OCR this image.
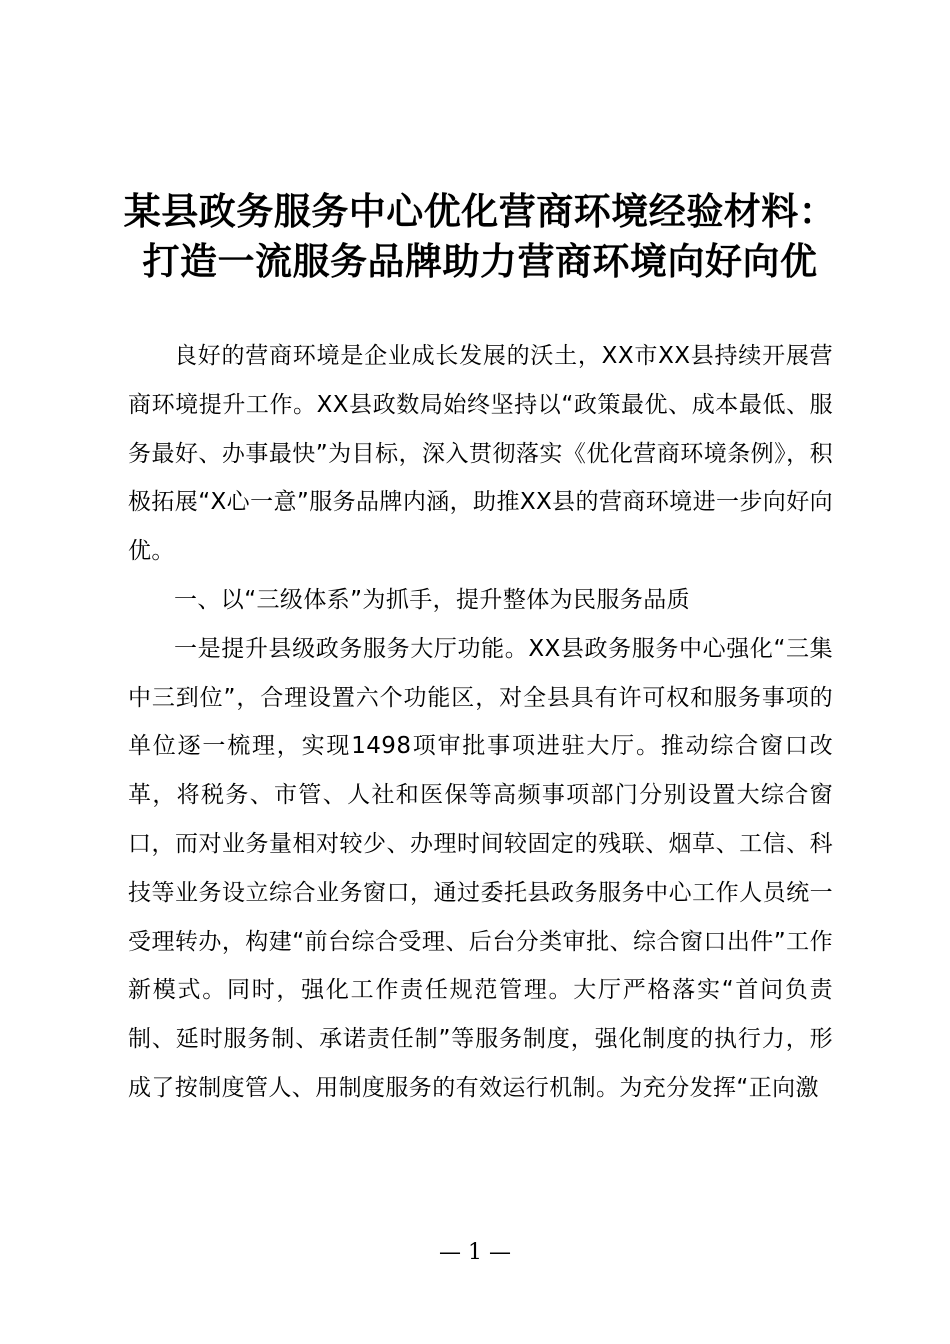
某县政务服务中心优化营商环境经验材料：打造一流服务品牌助力营商环境向好向优

良好的营商环境是企业成长发展的沃土，XX市XX县持续开展营商环境提升工作。XX县政数局始终坚持以“政策最优、成本最低、服务最好、办事最快”为目标，深入贯彻落实《优化营商环境条例》，积极拓展“X心一意”服务品牌内涵，助推XX县的营商环境进一步向好向优。

一、以“三级体系”为抓手，提升整体为民服务品质

一是提升县级政务服务大厅功能。XX县政务服务中心强化“三集中三到位”，合理设置六个功能区，对全县具有许可权和服务事项的单位逐一梳理，实现1498项审批事项进驻大厅。推动综合窗口改革，将税务、市管、人社和医保等高频事项部门分别设置大综合窗口，而对业务量相对较少、办理时间较固定的残联、烟草、工信、科技等业务设立综合业务窗口，通过委托县政务服务中心工作人员统一受理转办，构建“前台综合受理、后台分类审批、综合窗口出件”工作新模式。同时，强化工作责任规范管理。大厅严格落实“首问负责制、延时服务制、承诺责任制”等服务制度，强化制度的执行力，形成了按制度管人、用制度服务的有效运行机制。为充分发挥“正向激

— 1 —
